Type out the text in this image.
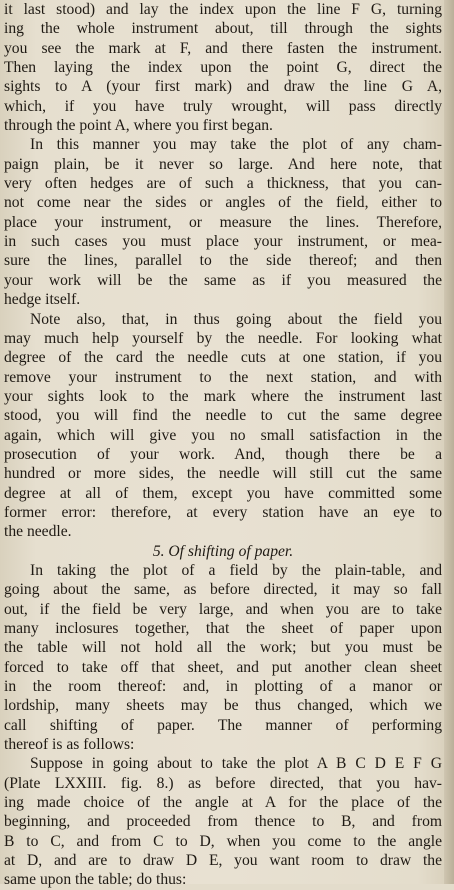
it last stood) and lay the index upon the line F G, turning
ing the whole instrument about, till through the sights
you see the mark at F, and there fasten the instrument.
Then laying the index upon the point G, direct the
sights to A (your first mark) and draw the line G A,
which, if you have truly wrought, will pass directly
through the point A, where you first began.
In this manner you may take the plot of any cham-
paign plain, be it never so large. And here note, that
very often hedges are of such a thickness, that you can-
not come near the sides or angles of the field, either to
place your instrument, or measure the lines. Therefore,
in such cases you must place your instrument, or mea-
sure the lines, parallel to the side thereof; and then
your work will be the same as if you measured the
hedge itself.
Note also, that, in thus going about the field you
may much help yourself by the needle. For looking what
degree of the card the needle cuts at one station, if you
remove your instrument to the next station, and with
your sights look to the mark where the instrument last
stood, you will find the needle to cut the same degree
again, which will give you no small satisfaction in the
prosecution of your work. And, though there be a
hundred or more sides, the needle will still cut the same
degree at all of them, except you have committed some
former error: therefore, at every station have an eye to
the needle.
5. Of shifting of paper.
In taking the plot of a field by the plain-table, and
going about the same, as before directed, it may so fall
out, if the field be very large, and when you are to take
many inclosures together, that the sheet of paper upon
the table will not hold all the work; but you must be
forced to take off that sheet, and put another clean sheet
in the room thereof: and, in plotting of a manor or
lordship, many sheets may be thus changed, which we
call shifting of paper. The manner of performing
thereof is as follows:
Suppose in going about to take the plot A B C D E F G
(Plate LXXIII. fig. 8.) as before directed, that you hav-
ing made choice of the angle at A for the place of the
beginning, and proceeded from thence to B, and from
B to C, and from C to D, when you come to the angle
at D, and are to draw D E, you want room to draw the
same upon the table; do thus:
